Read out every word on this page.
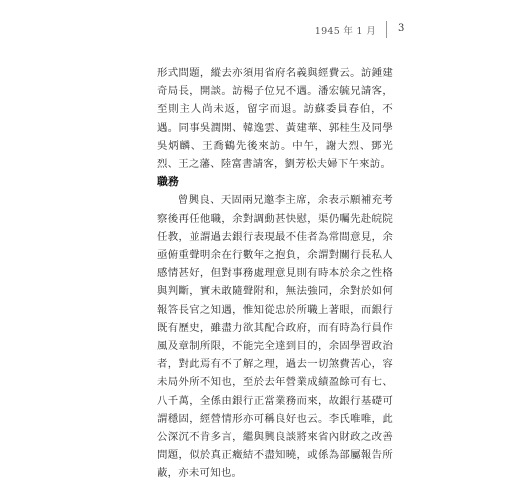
1945 年 1 月 3

形式問題，縱去亦須用省府名義與經費云。訪鍾建奇局長，開談。訪楊子位兄不遇。潘宏毓兄請客，至則主人尚未返，留字而退。訪蘇委員春伯，不遇。同事吳潤開、韓逸雲、黃建華、郭桂生及同學吳炳麟、王喬鶴先後來訪。中午，謝大烈、鄧光烈、王之藩、陸富書請客，劉芳松夫婦下午來訪。

職務

曾興良、天固兩兄邀李主席，余表示願補充考察後再任他職，余對調動甚快慰，渠仍囑先赴皖院任教，並謂過去銀行表現最不佳者為常間意見，余亟俯重聲明余在行數年之抱負，余謂對關行長私人感情甚好，但對事務處理意見則有時本於余之性格與判斷，實未敢隨聲附和，無法強同，余對於如何報答長官之知遇，惟知從忠於所職上著眼，而銀行既有歷史，雖盡力欲其配合政府，而有時為行員作風及章制所限，不能完全達到目的，余固學習政治者，對此焉有不了解之理，過去一切煞費苦心，容未局外所不知也，至於去年營業成績盈餘可有七、八千萬，全係由銀行正當業務而來，故銀行基礎可謂穩固，經營情形亦可稱良好也云。李氏唯唯，此公深沉不肯多言，繼與興良談將來省內財政之改善問題，似於真正癥結不盡知曉，或係為部屬報告所蔽，亦未可知也。
